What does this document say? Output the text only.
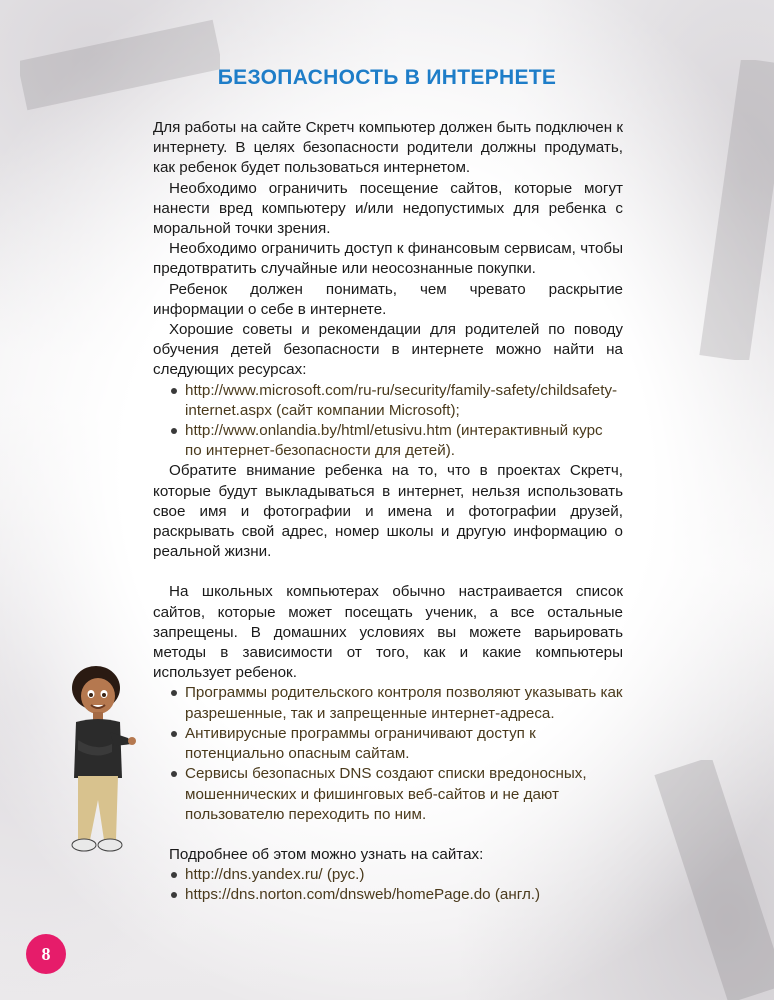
БЕЗОПАСНОСТЬ В ИНТЕРНЕТЕ
Для работы на сайте Скретч компьютер должен быть подключен к интернету. В целях безопасности родители должны продумать, как ребенок будет пользоваться интернетом.
Необходимо ограничить посещение сайтов, которые могут нанести вред компьютеру и/или недопустимых для ребенка с моральной точки зрения.
Необходимо ограничить доступ к финансовым сервисам, чтобы предотвратить случайные или неосознанные покупки.
Ребенок должен понимать, чем чревато раскрытие информации о себе в интернете.
Хорошие советы и рекомендации для родителей по поводу обучения детей безопасности в интернете можно найти на следующих ресурсах:
http://www.microsoft.com/ru-ru/security/family-safety/childsafety-internet.aspx (сайт компании Microsoft);
http://www.onlandia.by/html/etusivu.htm (интерактивный курс по интернет-безопасности для детей).
Обратите внимание ребенка на то, что в проектах Скретч, которые будут выкладываться в интернет, нельзя использовать свое имя и фотографии и имена и фотографии друзей, раскрывать свой адрес, номер школы и другую информацию о реальной жизни.
На школьных компьютерах обычно настраивается список сайтов, которые может посещать ученик, а все остальные запрещены. В домашних условиях вы можете варьировать методы в зависимости от того, как и какие компьютеры использует ребенок.
Программы родительского контроля позволяют указывать как разрешенные, так и запрещенные интернет-адреса.
Антивирусные программы ограничивают доступ к потенциально опасным сайтам.
Сервисы безопасных DNS создают списки вредоносных, мошеннических и фишинговых веб-сайтов и не дают пользователю переходить по ним.
Подробнее об этом можно узнать на сайтах:
http://dns.yandex.ru/ (рус.)
https://dns.norton.com/dnsweb/homePage.do (англ.)
8
